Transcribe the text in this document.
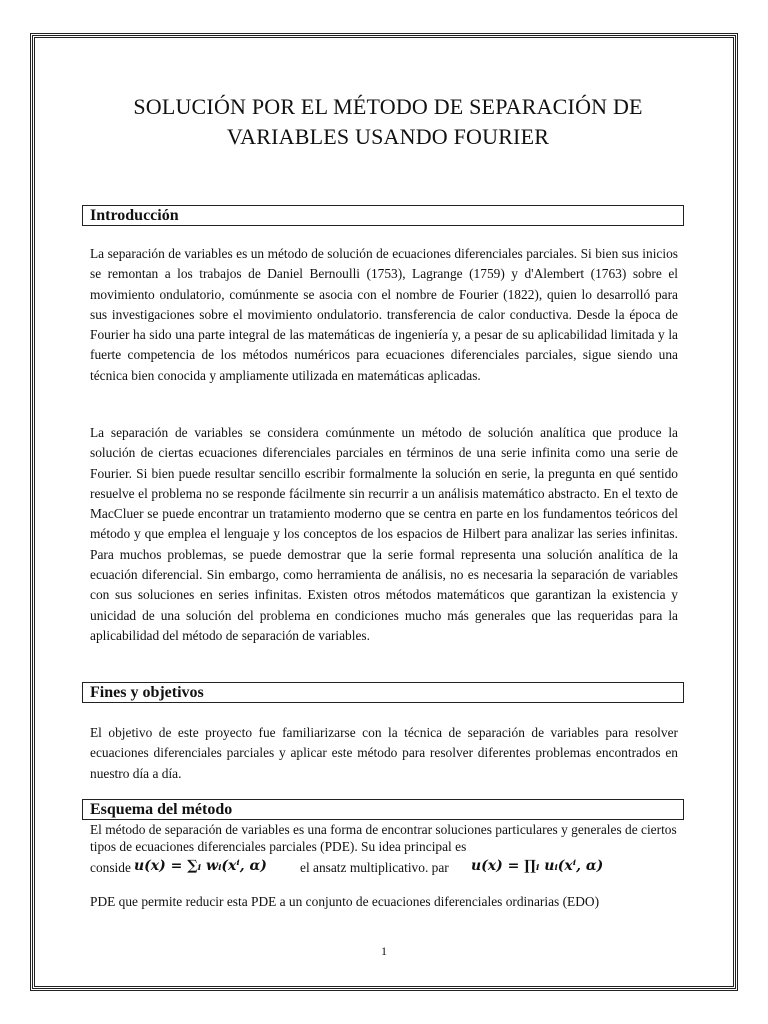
SOLUCIÓN POR EL MÉTODO DE SEPARACIÓN DE
VARIABLES USANDO FOURIER
Introducción

La separación de variables es un método de solución de ecuaciones diferenciales parciales. Si bien sus inicios se remontan a los trabajos de Daniel Bernoulli (1753), Lagrange (1759) y d'Alembert (1763) sobre el movimiento ondulatorio, comúnmente se asocia con el nombre de Fourier (1822), quien lo desarrolló para sus investigaciones sobre el movimiento ondulatorio. transferencia de calor conductiva. Desde la época de Fourier ha sido una parte integral de las matemáticas de ingeniería y, a pesar de su aplicabilidad limitada y la fuerte competencia de los métodos numéricos para ecuaciones diferenciales parciales, sigue siendo una técnica bien conocida y ampliamente utilizada en matemáticas aplicadas.

La separación de variables se considera comúnmente un método de solución analítica que produce la solución de ciertas ecuaciones diferenciales parciales en términos de una serie infinita como una serie de Fourier. Si bien puede resultar sencillo escribir formalmente la solución en serie, la pregunta en qué sentido resuelve el problema no se responde fácilmente sin recurrir a un análisis matemático abstracto. En el texto de MacCluer se puede encontrar un tratamiento moderno que se centra en parte en los fundamentos teóricos del método y que emplea el lenguaje y los conceptos de los espacios de Hilbert para analizar las series infinitas. Para muchos problemas, se puede demostrar que la serie formal representa una solución analítica de la ecuación diferencial. Sin embargo, como herramienta de análisis, no es necesaria la separación de variables con sus soluciones en series infinitas. Existen otros métodos matemáticos que garantizan la existencia y unicidad de una solución del problema en condiciones mucho más generales que las requeridas para la aplicabilidad del método de separación de variables.

Fines y objetivos

El objetivo de este proyecto fue familiarizarse con la técnica de separación de variables para resolver ecuaciones diferenciales parciales y aplicar este método para resolver diferentes problemas encontrados en nuestro día a día.

Esquema del método

El método de separación de variables es una forma de encontrar soluciones particulares y generales de ciertos tipos de ecuaciones diferenciales parciales (PDE). Su idea principal es

conside u(x) = ∑ᵢ wᵢ(xⁱ, α) el ansatz multiplicativo. par u(x) = ∏ᵢ uᵢ(xⁱ, α)

PDE que permite reducir esta PDE a un conjunto de ecuaciones diferenciales ordinarias (EDO)

1
